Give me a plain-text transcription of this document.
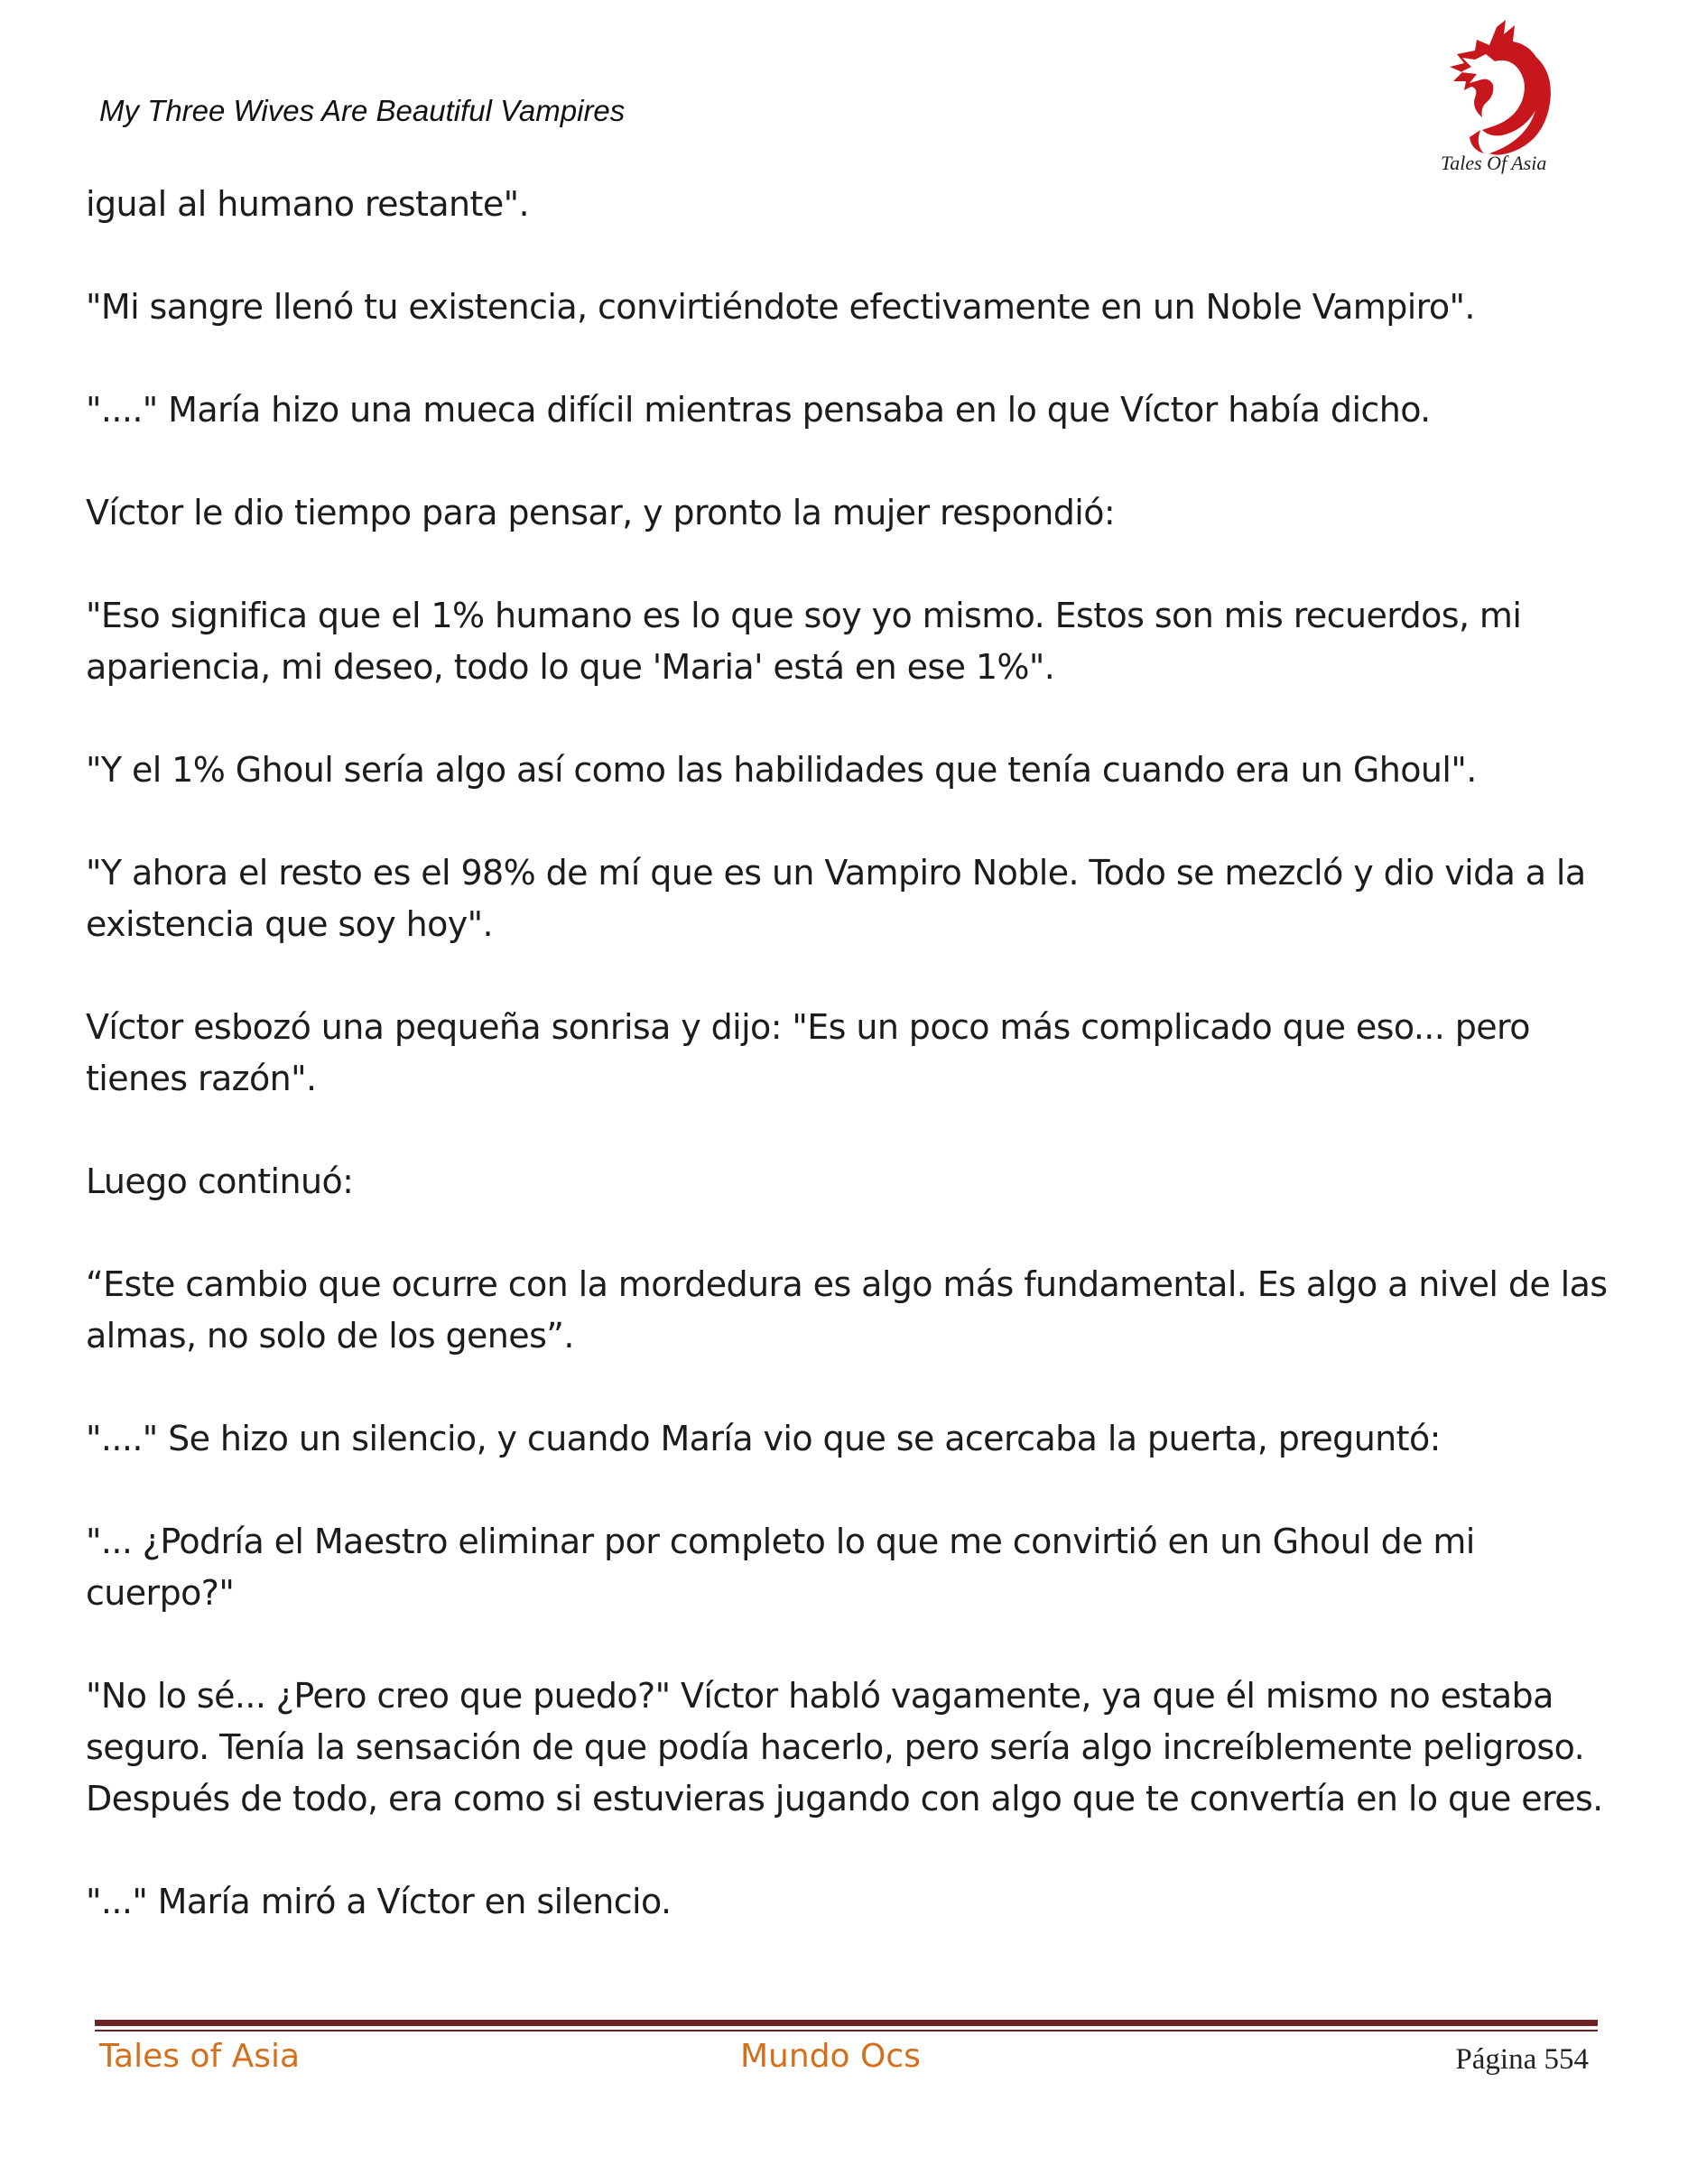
My Three Wives Are Beautiful Vampires
Tales Of Asia

igual al humano restante".

"Mi sangre llenó tu existencia, convirtiéndote efectivamente en un Noble Vampiro".

"...." María hizo una mueca difícil mientras pensaba en lo que Víctor había dicho.

Víctor le dio tiempo para pensar, y pronto la mujer respondió:

"Eso significa que el 1% humano es lo que soy yo mismo. Estos son mis recuerdos, mi apariencia, mi deseo, todo lo que 'Maria' está en ese 1%".

"Y el 1% Ghoul sería algo así como las habilidades que tenía cuando era un Ghoul".

"Y ahora el resto es el 98% de mí que es un Vampiro Noble. Todo se mezcló y dio vida a la existencia que soy hoy".

Víctor esbozó una pequeña sonrisa y dijo: "Es un poco más complicado que eso... pero tienes razón".

Luego continuó:

“Este cambio que ocurre con la mordedura es algo más fundamental. Es algo a nivel de las almas, no solo de los genes”.

"...." Se hizo un silencio, y cuando María vio que se acercaba la puerta, preguntó:

"... ¿Podría el Maestro eliminar por completo lo que me convirtió en un Ghoul de mi cuerpo?"

"No lo sé... ¿Pero creo que puedo?" Víctor habló vagamente, ya que él mismo no estaba seguro. Tenía la sensación de que podía hacerlo, pero sería algo increíblemente peligroso. Después de todo, era como si estuvieras jugando con algo que te convertía en lo que eres.

"..." María miró a Víctor en silencio.

Tales of Asia	Mundo Ocs	Página 554
